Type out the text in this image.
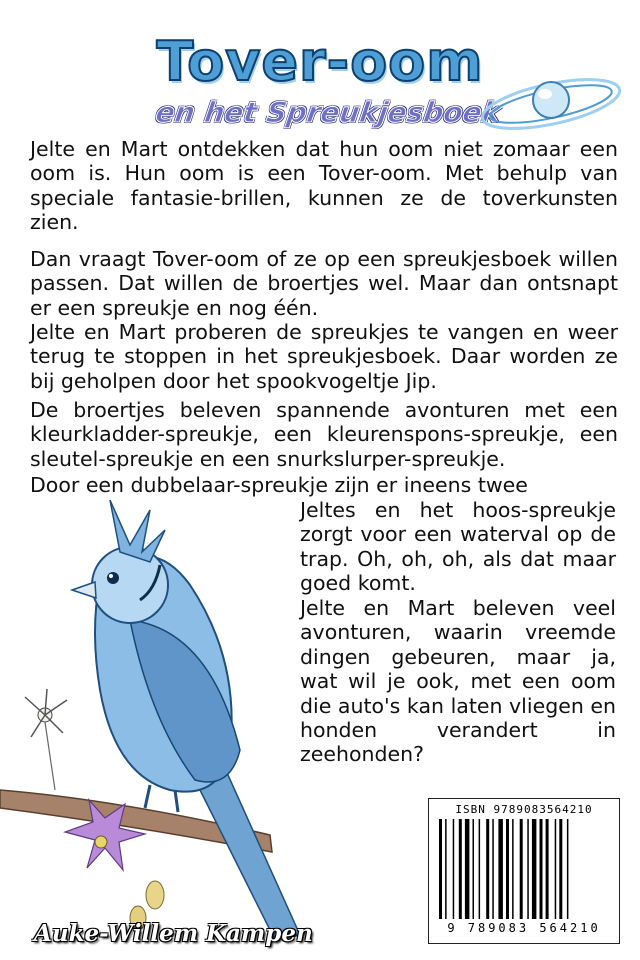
Tover-oom
en het Spreukjesboek

Jelte en Mart ontdekken dat hun oom niet zomaar een oom is. Hun oom is een Tover-oom. Met behulp van speciale fantasie-brillen, kunnen ze de toverkunsten zien.

Dan vraagt Tover-oom of ze op een spreukjesboek willen passen. Dat willen de broertjes wel. Maar dan ontsnapt er een spreukje en nog één.

Jelte en Mart proberen de spreukjes te vangen en weer terug te stoppen in het spreukjesboek. Daar worden ze bij geholpen door het spookvogeltje Jip.

De broertjes beleven spannende avonturen met een kleurkladder-spreukje, een kleurenspons-spreukje, een sleutel-spreukje en een snurkslurper-spreukje.

Door een dubbelaar-spreukje zijn er ineens twee

Jeltes en het hoos-spreukje zorgt voor een waterval op de trap. Oh, oh, oh, als dat maar goed komt.

Jelte en Mart beleven veel avonturen, waarin vreemde dingen gebeuren, maar ja, wat wil je ook, met een oom die auto's kan laten vliegen en honden verandert in zeehonden?

ISBN 9789083564210
9 789083 564210
Auke-Willem Kampen
